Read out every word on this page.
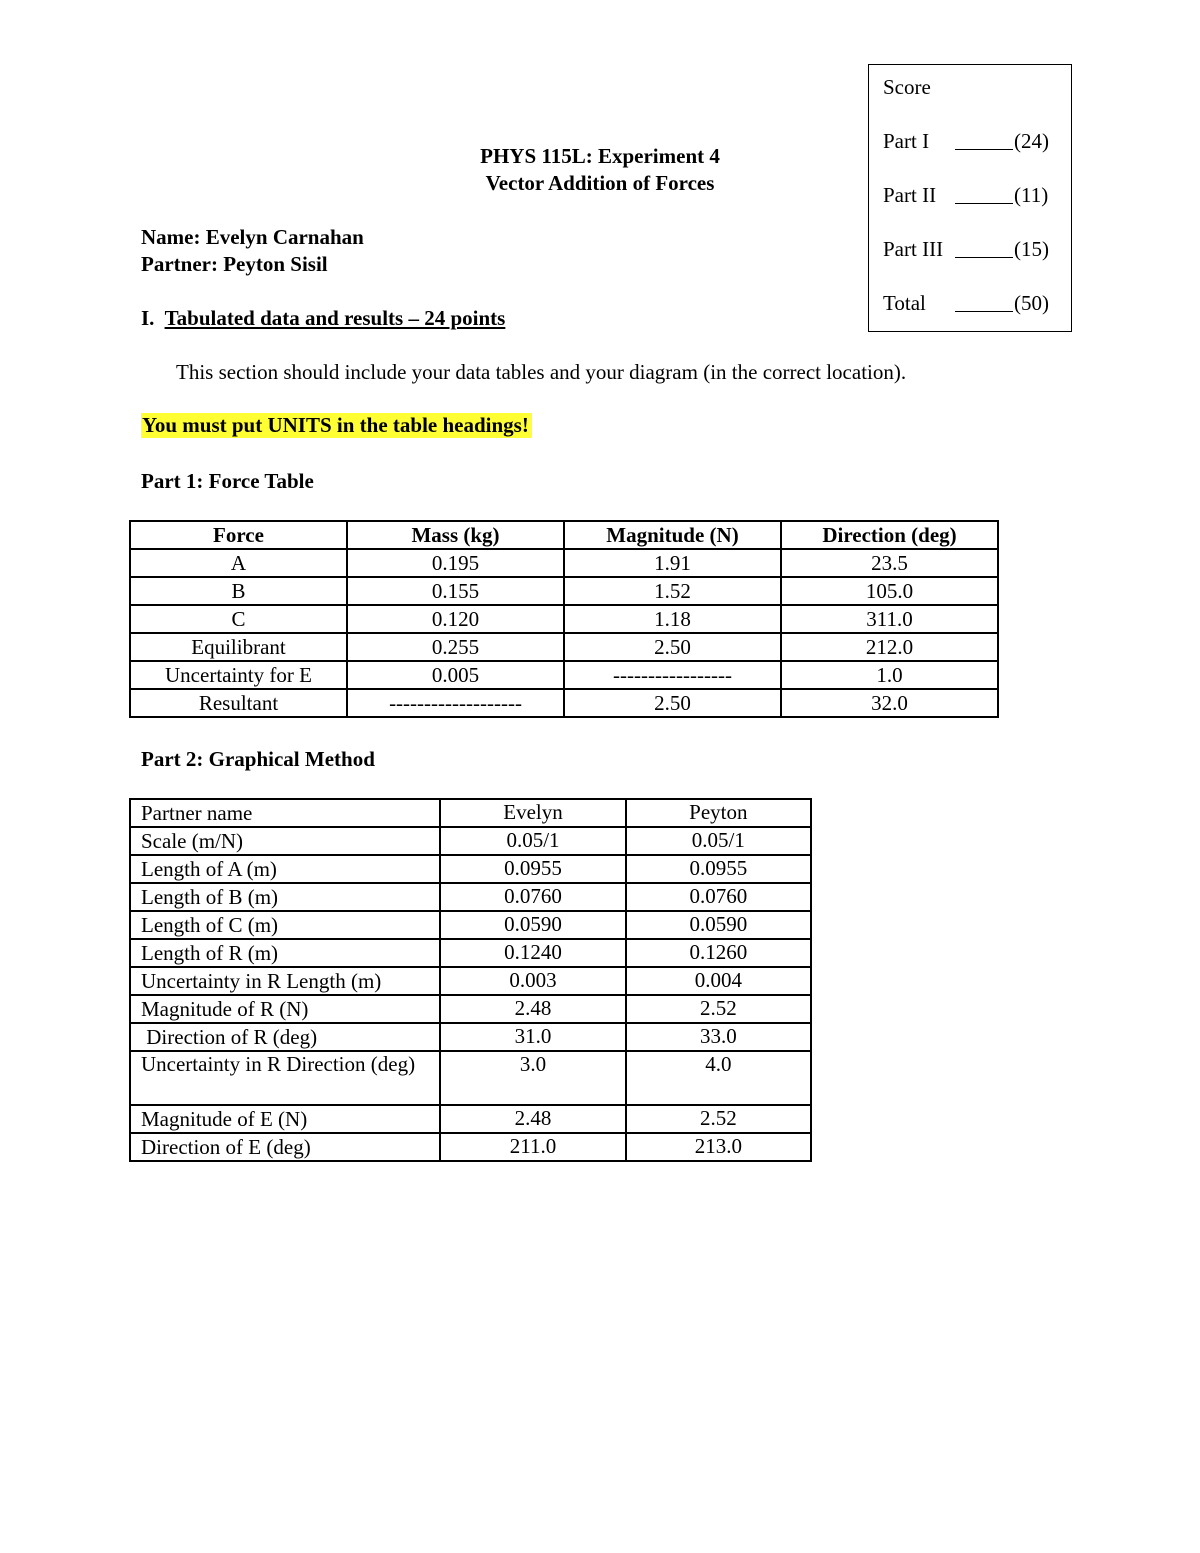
Score
Part I	(24)
Part II	(11)
Part III	(15)
Total	(50)
PHYS 115L: Experiment 4
Vector Addition of Forces
Name: Evelyn Carnahan
Partner: Peyton Sisil
I. Tabulated data and results – 24 points
This section should include your data tables and your diagram (in the correct location).
You must put UNITS in the table headings!
Part 1: Force Table
Force	Mass (kg)	Magnitude (N)	Direction (deg)
A	0.195	1.91	23.5
B	0.155	1.52	105.0
C	0.120	1.18	311.0
Equilibrant	0.255	2.50	212.0
Uncertainty for E	0.005	-----------------	1.0
Resultant	-------------------	2.50	32.0
Part 2: Graphical Method
Partner name	Evelyn	Peyton
Scale (m/N)	0.05/1	0.05/1
Length of A (m)	0.0955	0.0955
Length of B (m)	0.0760	0.0760
Length of C (m)	0.0590	0.0590
Length of R (m)	0.1240	0.1260
Uncertainty in R Length (m)	0.003	0.004
Magnitude of R (N)	2.48	2.52
Direction of R (deg)	31.0	33.0
Uncertainty in R Direction (deg)	3.0	4.0
Magnitude of E (N)	2.48	2.52
Direction of E (deg)	211.0	213.0
